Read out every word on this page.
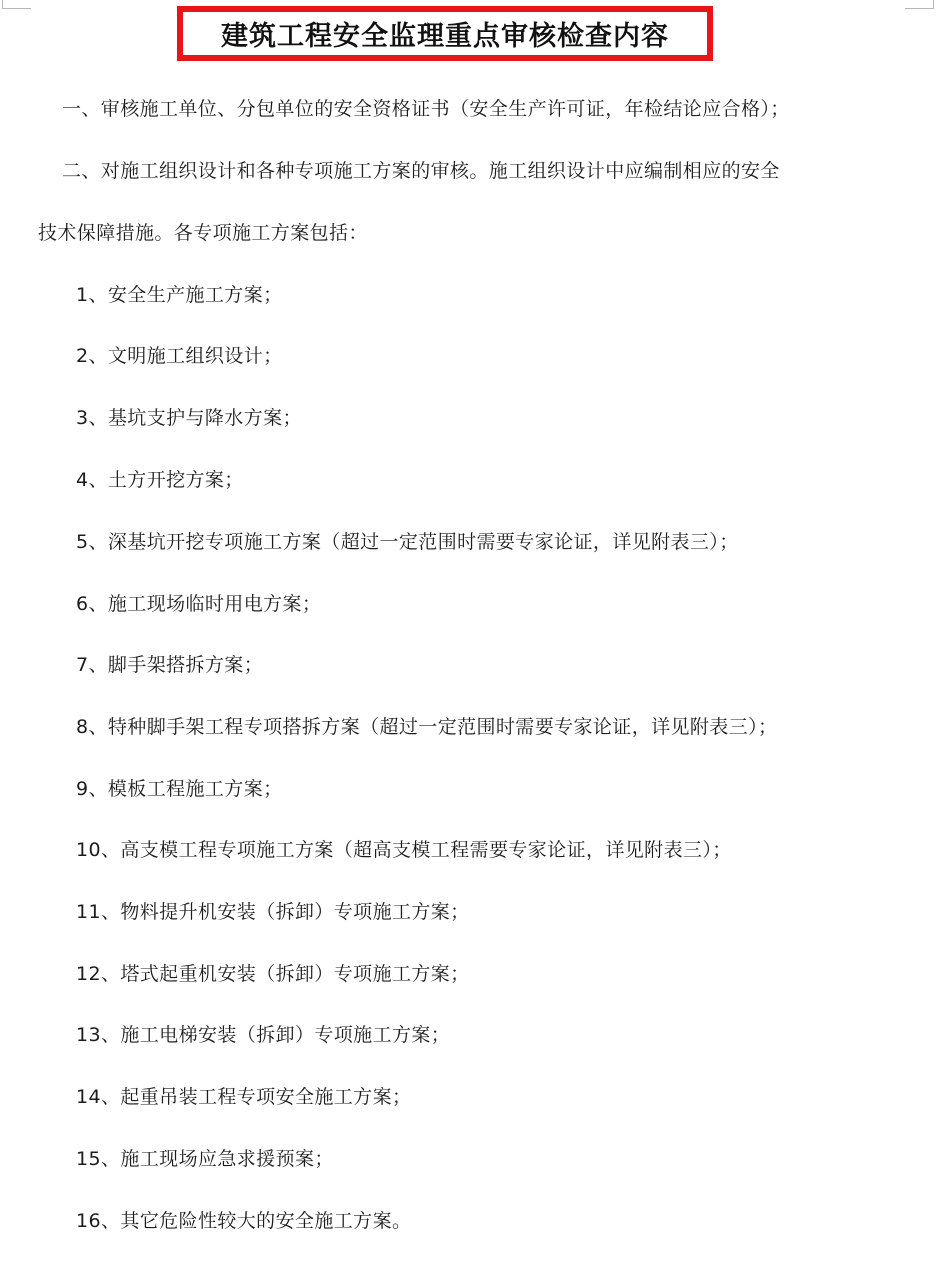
建筑工程安全监理重点审核检查内容
一、审核施工单位、分包单位的安全资格证书（安全生产许可证，年检结论应合格）；
二、对施工组织设计和各种专项施工方案的审核。施工组织设计中应编制相应的安全
技术保障措施。各专项施工方案包括：
1、安全生产施工方案；
2、文明施工组织设计；
3、基坑支护与降水方案；
4、土方开挖方案；
5、深基坑开挖专项施工方案（超过一定范围时需要专家论证，详见附表三）；
6、施工现场临时用电方案；
7、脚手架搭拆方案；
8、特种脚手架工程专项搭拆方案（超过一定范围时需要专家论证，详见附表三）；
9、模板工程施工方案；
10、高支模工程专项施工方案（超高支模工程需要专家论证，详见附表三）；
11、物料提升机安装（拆卸）专项施工方案；
12、塔式起重机安装（拆卸）专项施工方案；
13、施工电梯安装（拆卸）专项施工方案；
14、起重吊装工程专项安全施工方案；
15、施工现场应急求援预案；
16、其它危险性较大的安全施工方案。
